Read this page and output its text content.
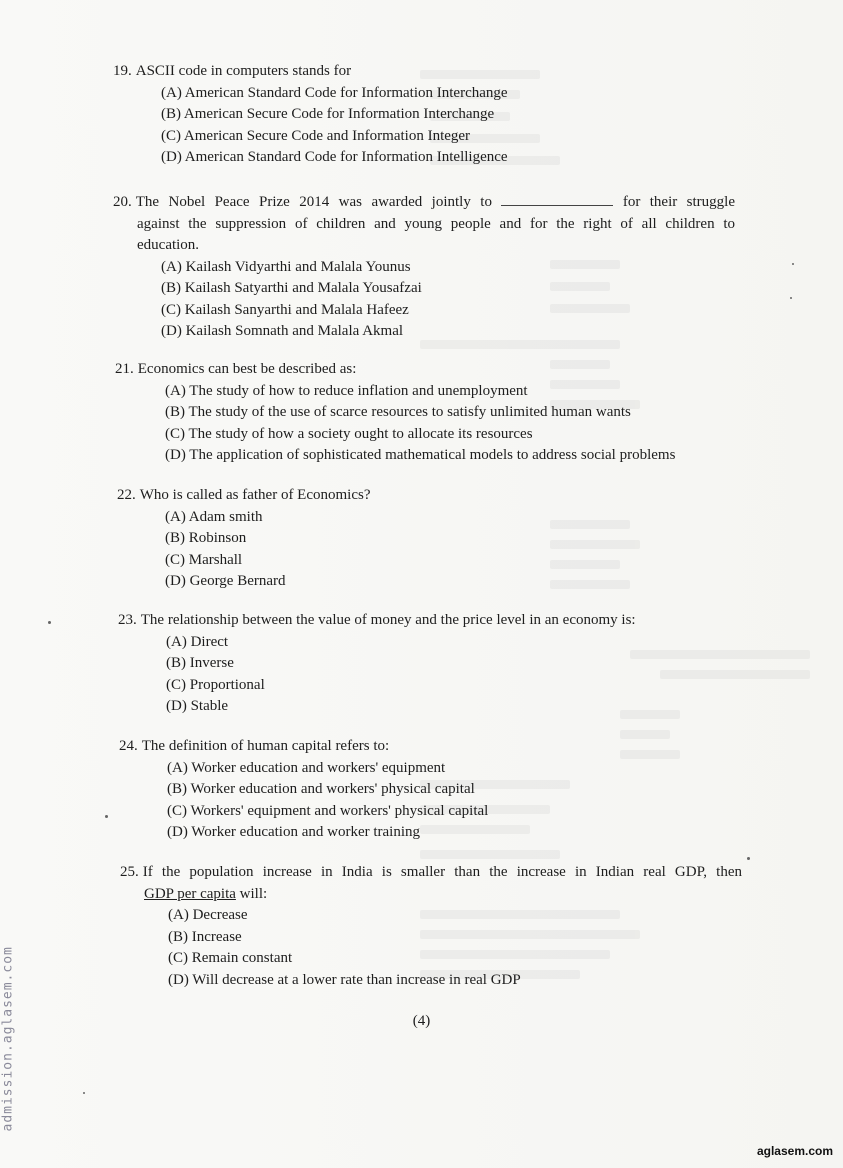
19. ASCII code in computers stands for
(A) American Standard Code for Information Interchange
(B) American Secure Code for Information Interchange
(C) American Secure Code and Information Integer
(D) American Standard Code for Information Intelligence
20. The Nobel Peace Prize 2014 was awarded jointly to	for their struggle
against the suppression of children and young people and for the right of all children to
education.
(A) Kailash Vidyarthi and Malala Younus
(B) Kailash Satyarthi and Malala Yousafzai
(C) Kailash Sanyarthi and Malala Hafeez
(D) Kailash Somnath and Malala Akmal
21. Economics can best be described as:
(A) The study of how to reduce inflation and unemployment
(B) The study of the use of scarce resources to satisfy unlimited human wants
(C) The study of how a society ought to allocate its resources
(D) The application of sophisticated mathematical models to address social problems
22. Who is called as father of Economics?
(A) Adam smith
(B) Robinson
(C) Marshall
(D) George Bernard
23. The relationship between the value of money and the price level in an economy is:
(A) Direct
(B) Inverse
(C) Proportional
(D) Stable
24. The definition of human capital refers to:
(A) Worker education and workers' equipment
(B) Worker education and workers' physical capital
(C) Workers' equipment and workers' physical capital
(D) Worker education and worker training
25. If the population increase in India is smaller than the increase in Indian real GDP, then
GDP per capita will:
(A) Decrease
(B) Increase
(C) Remain constant
(D) Will decrease at a lower rate than increase in real GDP
(4)
admission.aglasem.com
aglasem.com
